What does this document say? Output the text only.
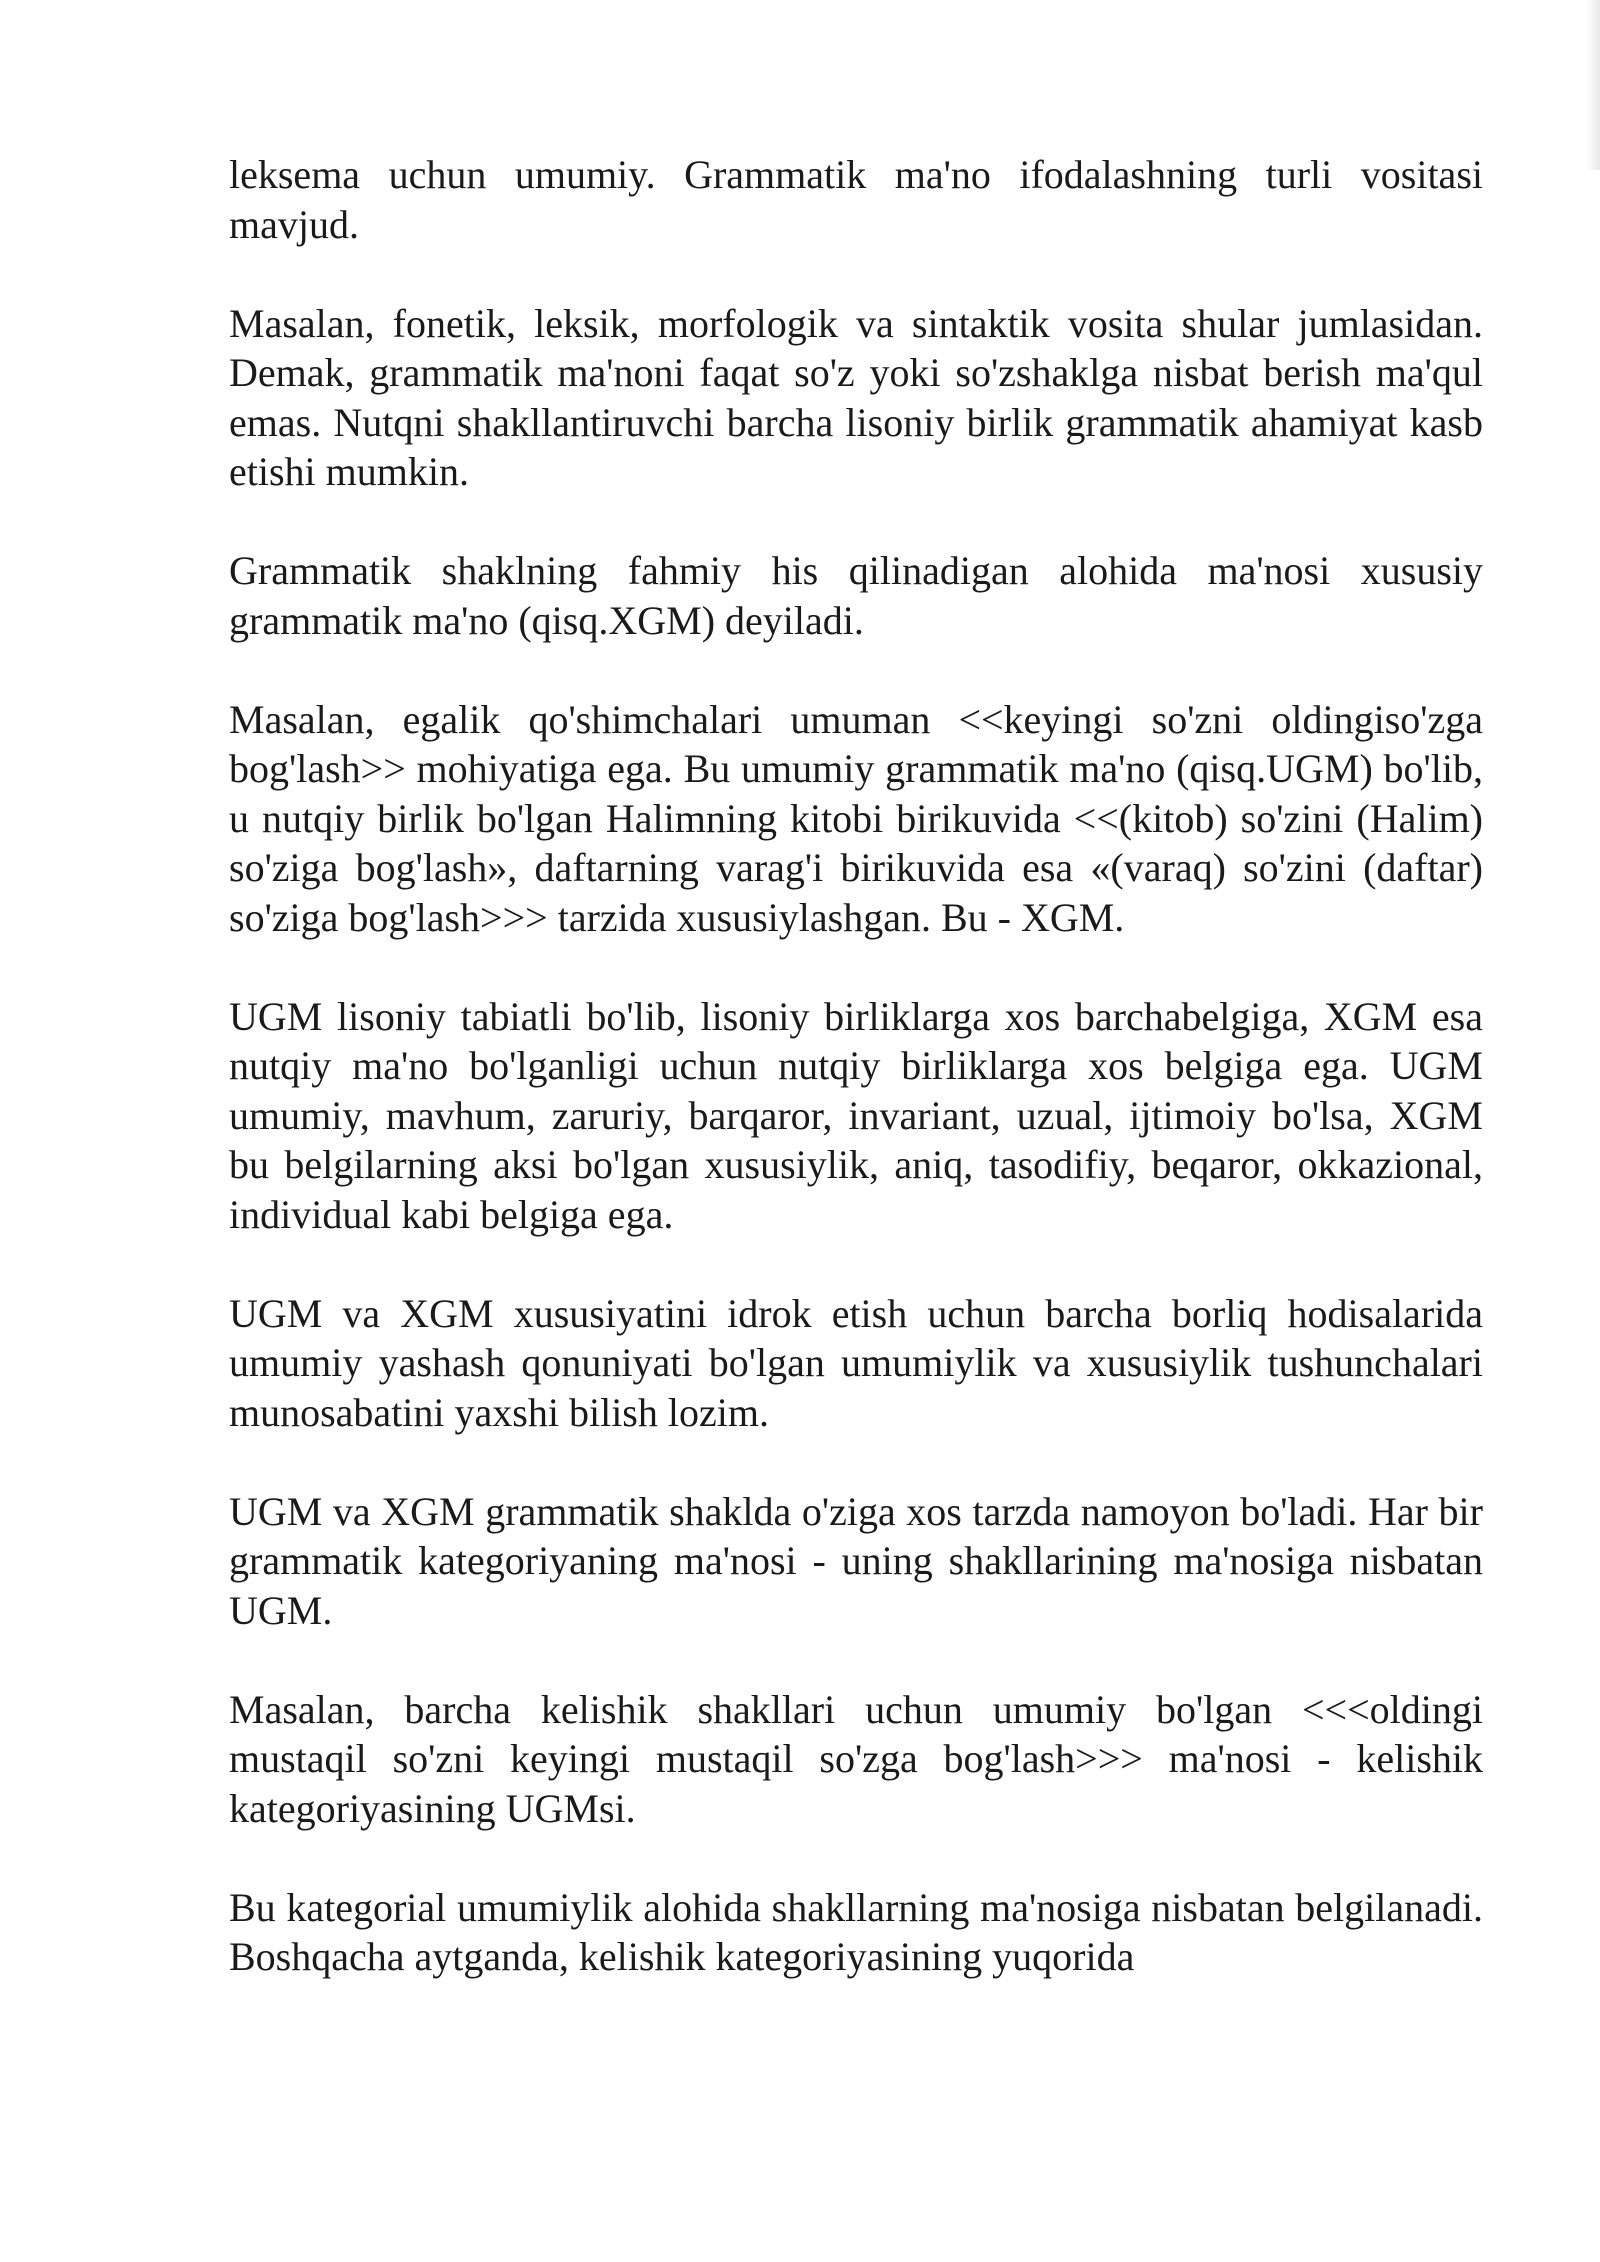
leksema uchun umumiy. Grammatik ma'no ifodalashning turli vositasi mavjud.

Masalan, fonetik, leksik, morfologik va sintaktik vosita shular jumlasidan. Demak, grammatik ma'noni faqat so'z yoki so'zshaklga nisbat berish ma'qul emas. Nutqni shakllantiruvchi barcha lisoniy birlik grammatik ahamiyat kasb etishi mumkin.

Grammatik shaklning fahmiy his qilinadigan alohida ma'nosi xususiy grammatik ma'no (qisq.XGM) deyiladi.

Masalan, egalik qo'shimchalari umuman <<keyingi so'zni oldingiso'zga bog'lash>> mohiyatiga ega. Bu umumiy grammatik ma'no (qisq.UGM) bo'lib, u nutqiy birlik bo'lgan Halimning kitobi birikuvida <<(kitob) so'zini (Halim) so'ziga bog'lash», daftarning varag'i birikuvida esa «(varaq) so'zini (daftar) so'ziga bog'lash>>> tarzida xususiylashgan. Bu - XGM.

UGM lisoniy tabiatli bo'lib, lisoniy birliklarga xos barchabelgiga, XGM esa nutqiy ma'no bo'lganligi uchun nutqiy birliklarga xos belgiga ega. UGM umumiy, mavhum, zaruriy, barqaror, invariant, uzual, ijtimoiy bo'lsa, XGM bu belgilarning aksi bo'lgan xususiylik, aniq, tasodifiy, beqaror, okkazional, individual kabi belgiga ega.

UGM va XGM xususiyatini idrok etish uchun barcha borliq hodisalarida umumiy yashash qonuniyati bo'lgan umumiylik va xususiylik tushunchalari munosabatini yaxshi bilish lozim.

UGM va XGM grammatik shaklda o'ziga xos tarzda namoyon bo'ladi. Har bir grammatik kategoriyaning ma'nosi - uning shakllarining ma'nosiga nisbatan UGM.

Masalan, barcha kelishik shakllari uchun umumiy bo'lgan <<<oldingi mustaqil so'zni keyingi mustaqil so'zga bog'lash>>> ma'nosi - kelishik kategoriyasining UGMsi.

Bu kategorial umumiylik alohida shakllarning ma'nosiga nisbatan belgilanadi. Boshqacha aytganda, kelishik kategoriyasining yuqorida
